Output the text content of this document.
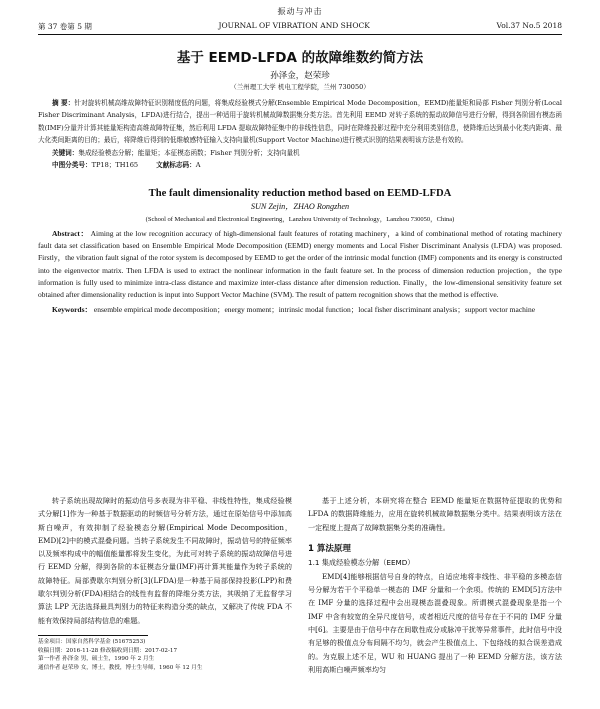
振动与冲击
第 37 卷第 5 期	JOURNAL OF VIBRATION AND SHOCK	Vol.37 No.5 2018
基于 EEMD-LFDA 的故障维数约简方法
孙泽金，赵荣珍
（兰州理工大学 机电工程学院，兰州 730050）
摘 要：针对旋转机械高维故障特征识别精度低的问题，将集成经验模式分解(Ensemble Empirical Mode Decomposition，EEMD)能量矩和局部 Fisher 判别分析(Local Fisher Discriminant Analysis，LFDA)进行结合，提出一种适用于旋转机械故障数据集分类方法。首先利用 EEMD 对转子系统的振动故障信号进行分解，得到各阶固有模态函数(IMF)分量并计算其能量矩构造高维故障特征集，然后利用 LFDA 提取故障特征集中的非线性信息，同时在降维投影过程中充分利用类别信息，使降维后达到最小化类内距离、最大化类间距离的目的；最后，将降维后得到的低维敏感特征输入支持向量机(Support Vector Machine)进行模式识别的结果表明该方法是有效的。
关键词：集成经验模态分解；能量矩；本征模态函数；Fisher 判别分析；支持向量机
中图分类号：TP18；TH165	文献标志码：A
The fault dimensionality reduction method based on EEMD-LFDA
SUN Zejin，ZHAO Rongzhen
(School of Mechanical and Electronical Engineering，Lanzhou University of Technology，Lanzhou 730050，China)
Abstract： Aiming at the low recognition accuracy of high-dimensional fault features of rotating machinery，a kind of combinational method of rotating machinery fault data set classification based on Ensemble Empirical Mode Decomposition (EEMD) energy moments and Local Fisher Discriminant Analysis (LFDA) was proposed. Firstly，the vibration fault signal of the rotor system is decomposed by EEMD to get the order of the intrinsic modal function (IMF) components and its energy is constructed into the eigenvector matrix. Then LFDA is used to extract the nonlinear information in the fault feature set. In the process of dimension reduction projection，the type information is fully used to minimize intra-class distance and maximize inter-class distance after dimension reduction. Finally，the low-dimensional sensitivity feature set obtained after dimensionality reduction is input into Support Vector Machine (SVM). The result of pattern recognition shows that the method is effective.
Keywords： ensemble empirical mode decomposition；energy moment；intrinsic modal function；local fisher discriminant analysis；support vector machine

转子系统出现故障时的振动信号多表现为非平稳、非线性特性，集成经验模式分解[1]作为一种基于数据驱动的时频信号分析方法，通过在原始信号中添加高斯白噪声，有效抑制了经验模态分解(Empirical Mode Decomposition，EMD)[2]中的模式混叠问题。当转子系统发生不同故障时，振动信号的特征频率以及频率构成中的幅值能量都将发生变化，为此可对转子系统的振动故障信号进行 EEMD 分解，得到各阶的本征模态分量(IMF)再计算其能量作为转子系统的故障特征。局部费歇尔判别分析[3](LFDA)是一种基于局部保持投影(LPP)和费歇尔判别分析(FDA)相结合的线性有监督的降维分类方法，其吸纳了无监督学习算法 LPP 无法选择最具判别力的特征来构造分类的缺点，又解决了传统 FDA 不能有效保持局部结构信息的难题。

基金项目：国家自然科学基金 (51675253)
收稿日期：2016-11-28 修改稿收到日期：2017-02-17
第一作者 孙泽金 男，硕士生，1990 年 2 月生
通信作者 赵荣珍 女，博士，教授，博士生导师，1960 年 12 月生

基于上述分析，本研究将在整合 EEMD 能量矩在数据特征提取的优势和 LFDA 的数据降维能力，应用在旋转机械故障数据集分类中。结果表明该方法在一定程度上提高了故障数据集分类的准确性。

1 算法原理
1.1 集成经验模态分解（EEMD）

EMD[4]能够根据信号自身的特点，自适应地将非线性、非平稳的多模态信号分解为若干个平稳单一模态的 IMF 分量和一个余项。传统的 EMD[5]方法中在 IMF 分量的选择过程中会出现模态混叠现象。所谓模式混叠现象是指一个 IMF 中含有较宽的全异尺度信号，或者相近尺度的信号存在于不同的 IMF 分量中[6]。主要是由于信号中存在间歇性成分或脉冲干扰等异常事件，此时信号中没有足够的极值点分布间隔不均匀，就会产生极值点上、下包络线的拟合误差造成的。为克服上述不足，WU 和 HUANG 提出了一种 EEMD 分解方法，该方法利用高斯白噪声频率均匀
